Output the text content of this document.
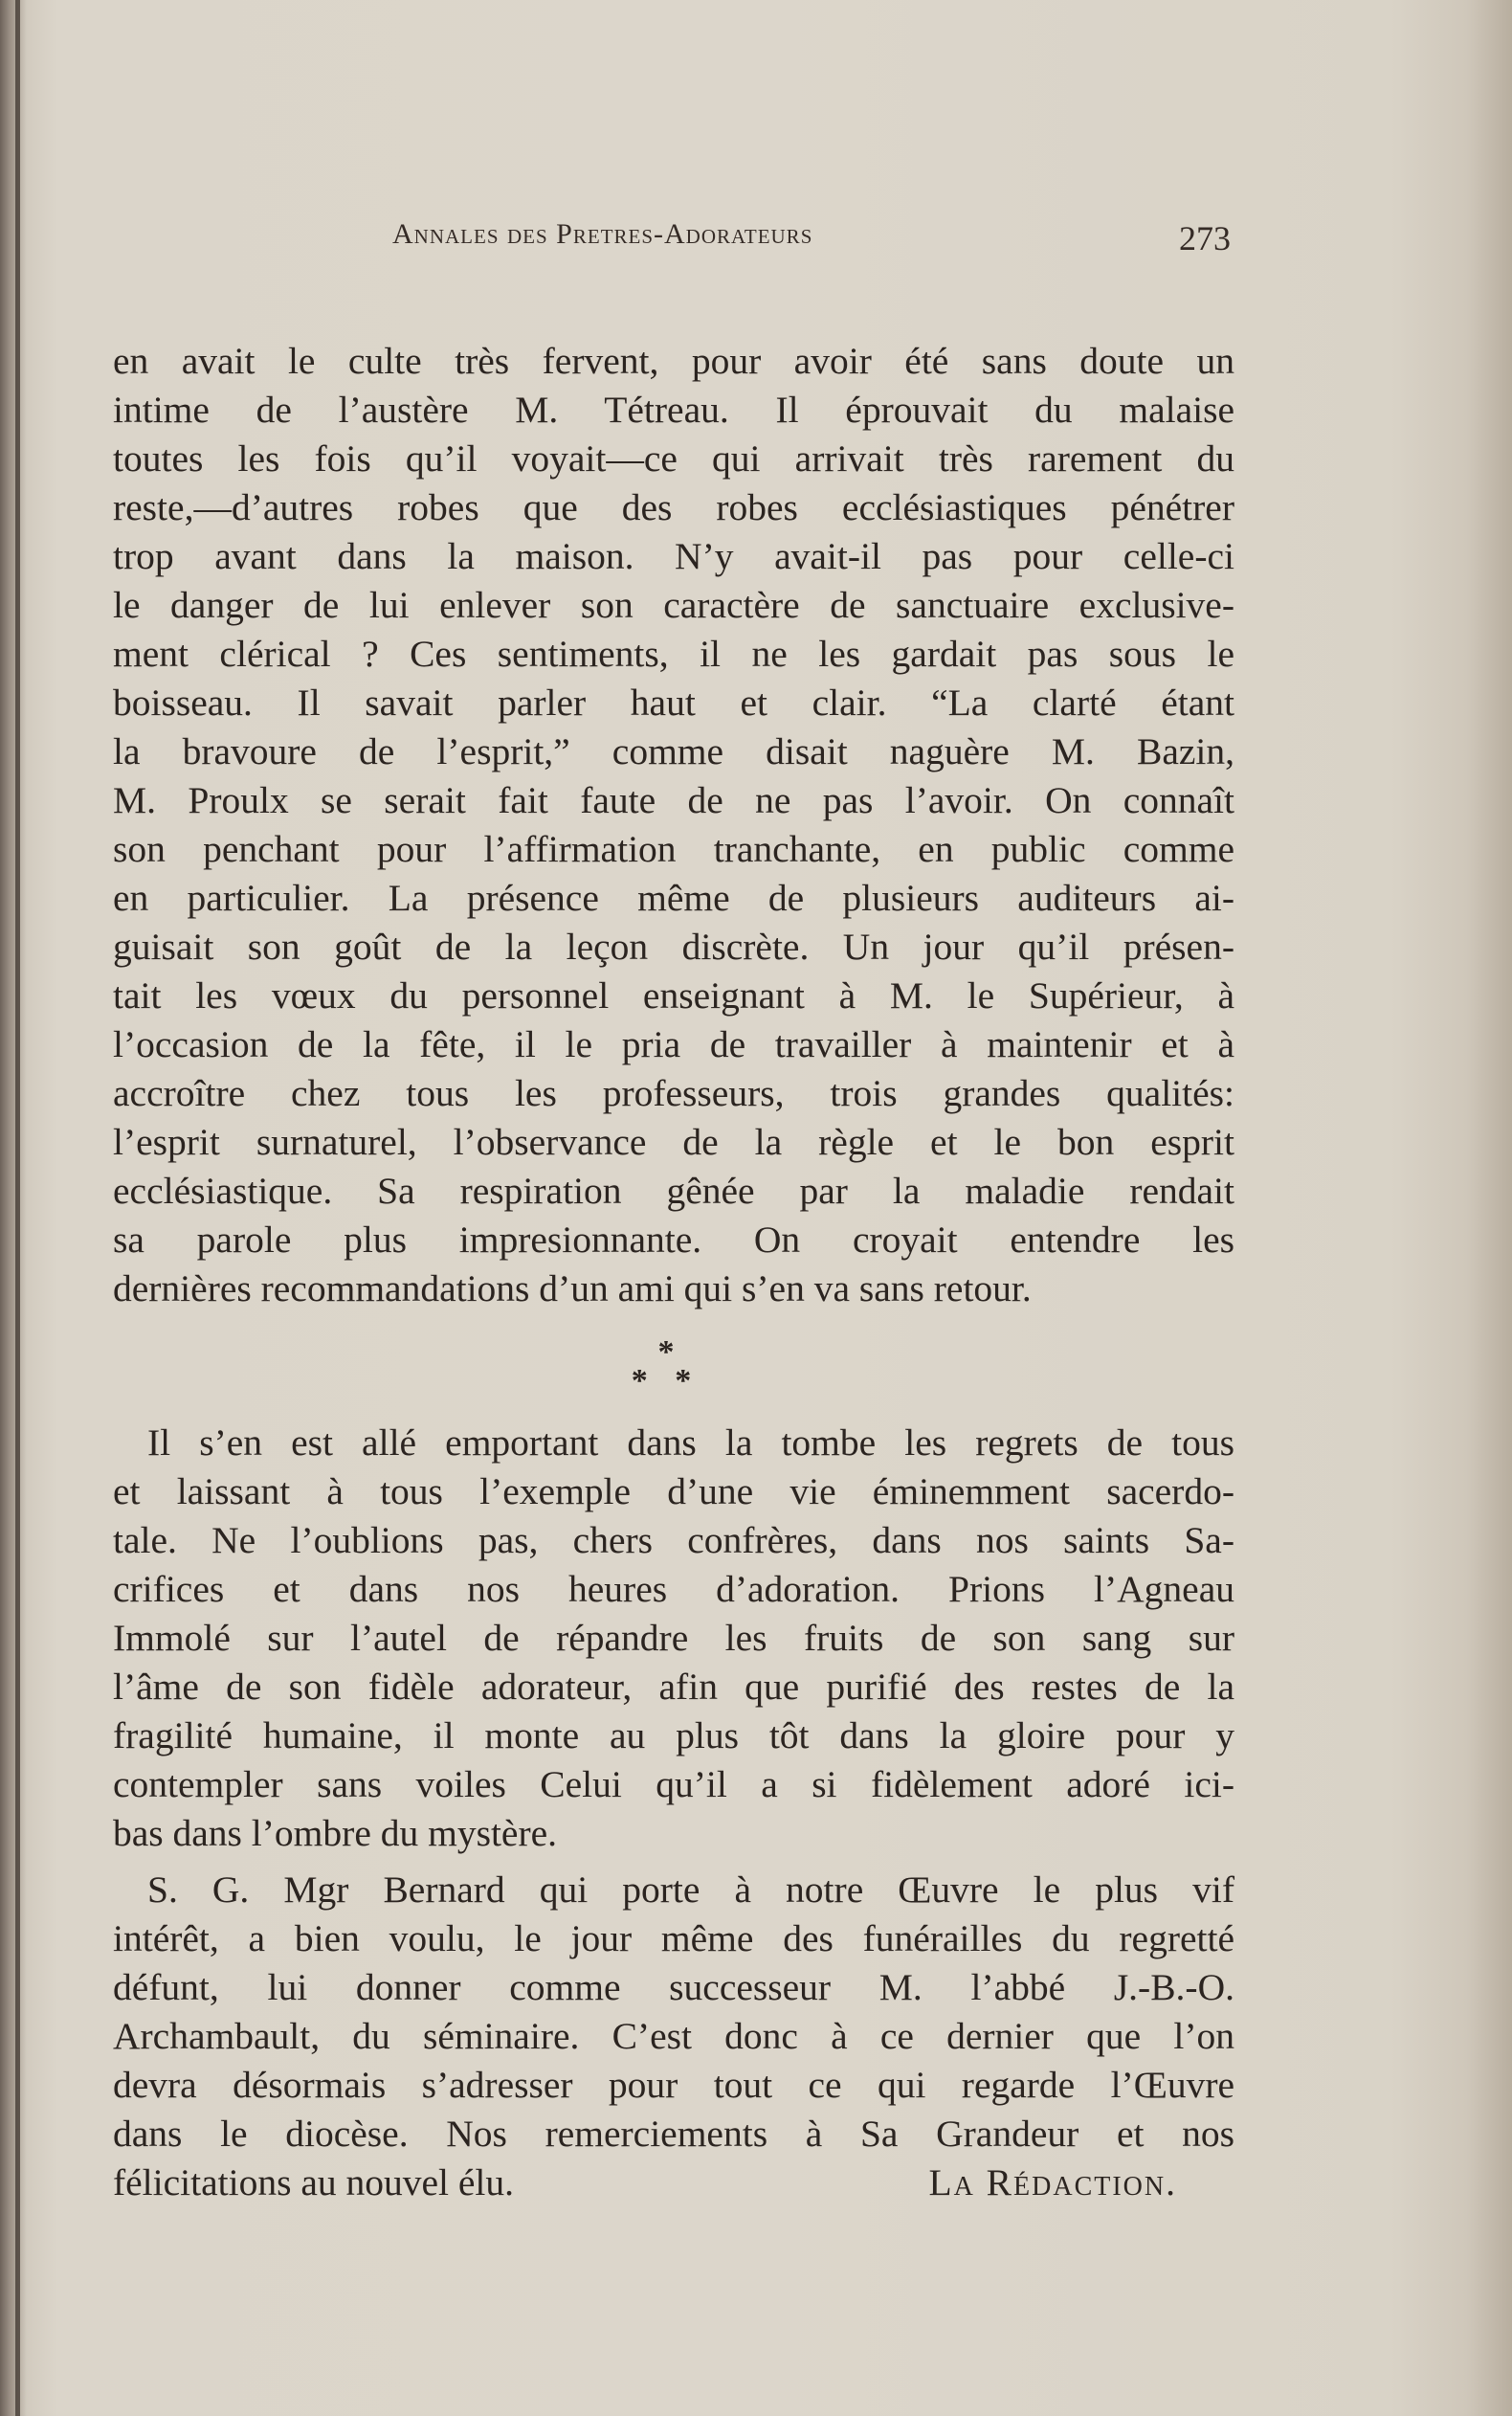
Annales des Pretres-Adorateurs	273
en avait le culte très fervent, pour avoir été sans doute un
intime de l’austère M. Tétreau. Il éprouvait du malaise
toutes les fois qu’il voyait—ce qui arrivait très rarement du
reste,—d’autres robes que des robes ecclésiastiques pénétrer
trop avant dans la maison. N’y avait-il pas pour celle-ci
le danger de lui enlever son caractère de sanctuaire exclusive-
ment clérical ? Ces sentiments, il ne les gardait pas sous le
boisseau. Il savait parler haut et clair. “La clarté étant
la bravoure de l’esprit,” comme disait naguère M. Bazin,
M. Proulx se serait fait faute de ne pas l’avoir. On connaît
son penchant pour l’affirmation tranchante, en public comme
en particulier. La présence même de plusieurs auditeurs ai-
guisait son goût de la leçon discrète. Un jour qu’il présen-
tait les vœux du personnel enseignant à M. le Supérieur, à
l’occasion de la fête, il le pria de travailler à maintenir et à
accroître chez tous les professeurs, trois grandes qualités:
l’esprit surnaturel, l’observance de la règle et le bon esprit
ecclésiastique. Sa respiration gênée par la maladie rendait
sa parole plus impresionnante. On croyait entendre les
dernières recommandations d’un ami qui s’en va sans retour.
*
* *
Il s’en est allé emportant dans la tombe les regrets de tous
et laissant à tous l’exemple d’une vie éminemment sacerdo-
tale. Ne l’oublions pas, chers confrères, dans nos saints Sa-
crifices et dans nos heures d’adoration. Prions l’Agneau
Immolé sur l’autel de répandre les fruits de son sang sur
l’âme de son fidèle adorateur, afin que purifié des restes de la
fragilité humaine, il monte au plus tôt dans la gloire pour y
contempler sans voiles Celui qu’il a si fidèlement adoré ici-
bas dans l’ombre du mystère.
S. G. Mgr Bernard qui porte à notre Œuvre le plus vif
intérêt, a bien voulu, le jour même des funérailles du regretté
défunt, lui donner comme successeur M. l’abbé J.-B.-O.
Archambault, du séminaire. C’est donc à ce dernier que l’on
devra désormais s’adresser pour tout ce qui regarde l’Œuvre
dans le diocèse. Nos remerciements à Sa Grandeur et nos
félicitations au nouvel élu.	La Rédaction.
